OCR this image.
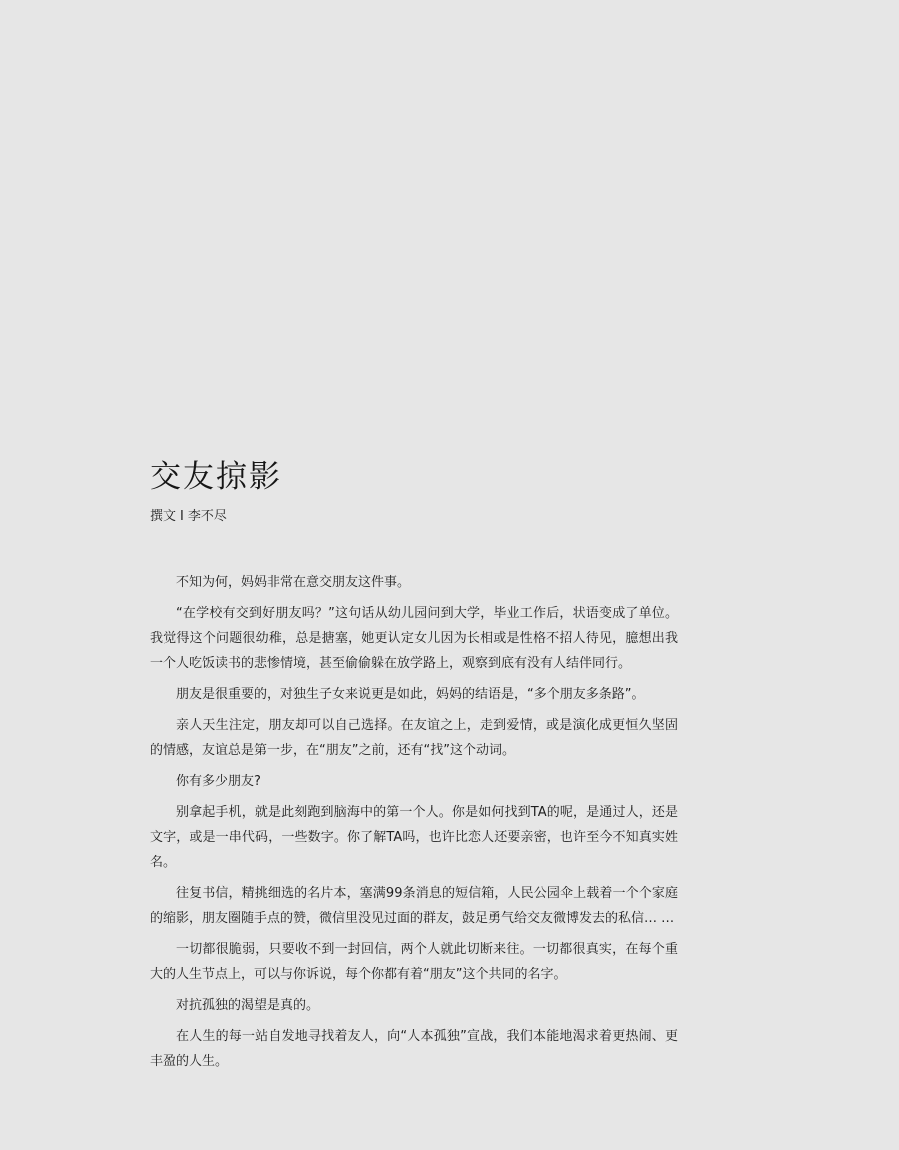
交友掠影
撰文 I 李不尽

不知为何，妈妈非常在意交朋友这件事。

“在学校有交到好朋友吗？”这句话从幼儿园问到大学，毕业工作后，状语变成了单位。我觉得这个问题很幼稚，总是搪塞，她更认定女儿因为长相或是性格不招人待见，臆想出我一个人吃饭读书的悲惨情境，甚至偷偷躲在放学路上，观察到底有没有人结伴同行。

朋友是很重要的，对独生子女来说更是如此，妈妈的结语是，“多个朋友多条路”。

亲人天生注定，朋友却可以自己选择。在友谊之上，走到爱情，或是演化成更恒久坚固的情感，友谊总是第一步，在“朋友”之前，还有“找”这个动词。

你有多少朋友?

别拿起手机，就是此刻跑到脑海中的第一个人。你是如何找到TA的呢，是通过人，还是文字，或是一串代码，一些数字。你了解TA吗，也许比恋人还要亲密，也许至今不知真实姓名。

往复书信，精挑细选的名片本，塞满99条消息的短信箱，人民公园伞上载着一个个家庭的缩影，朋友圈随手点的赞，微信里没见过面的群友，鼓足勇气给交友微博发去的私信… …

一切都很脆弱，只要收不到一封回信，两个人就此切断来往。一切都很真实，在每个重大的人生节点上，可以与你诉说，每个你都有着“朋友”这个共同的名字。

对抗孤独的渴望是真的。

在人生的每一站自发地寻找着友人，向“人本孤独”宣战，我们本能地渴求着更热闹、更丰盈的人生。
